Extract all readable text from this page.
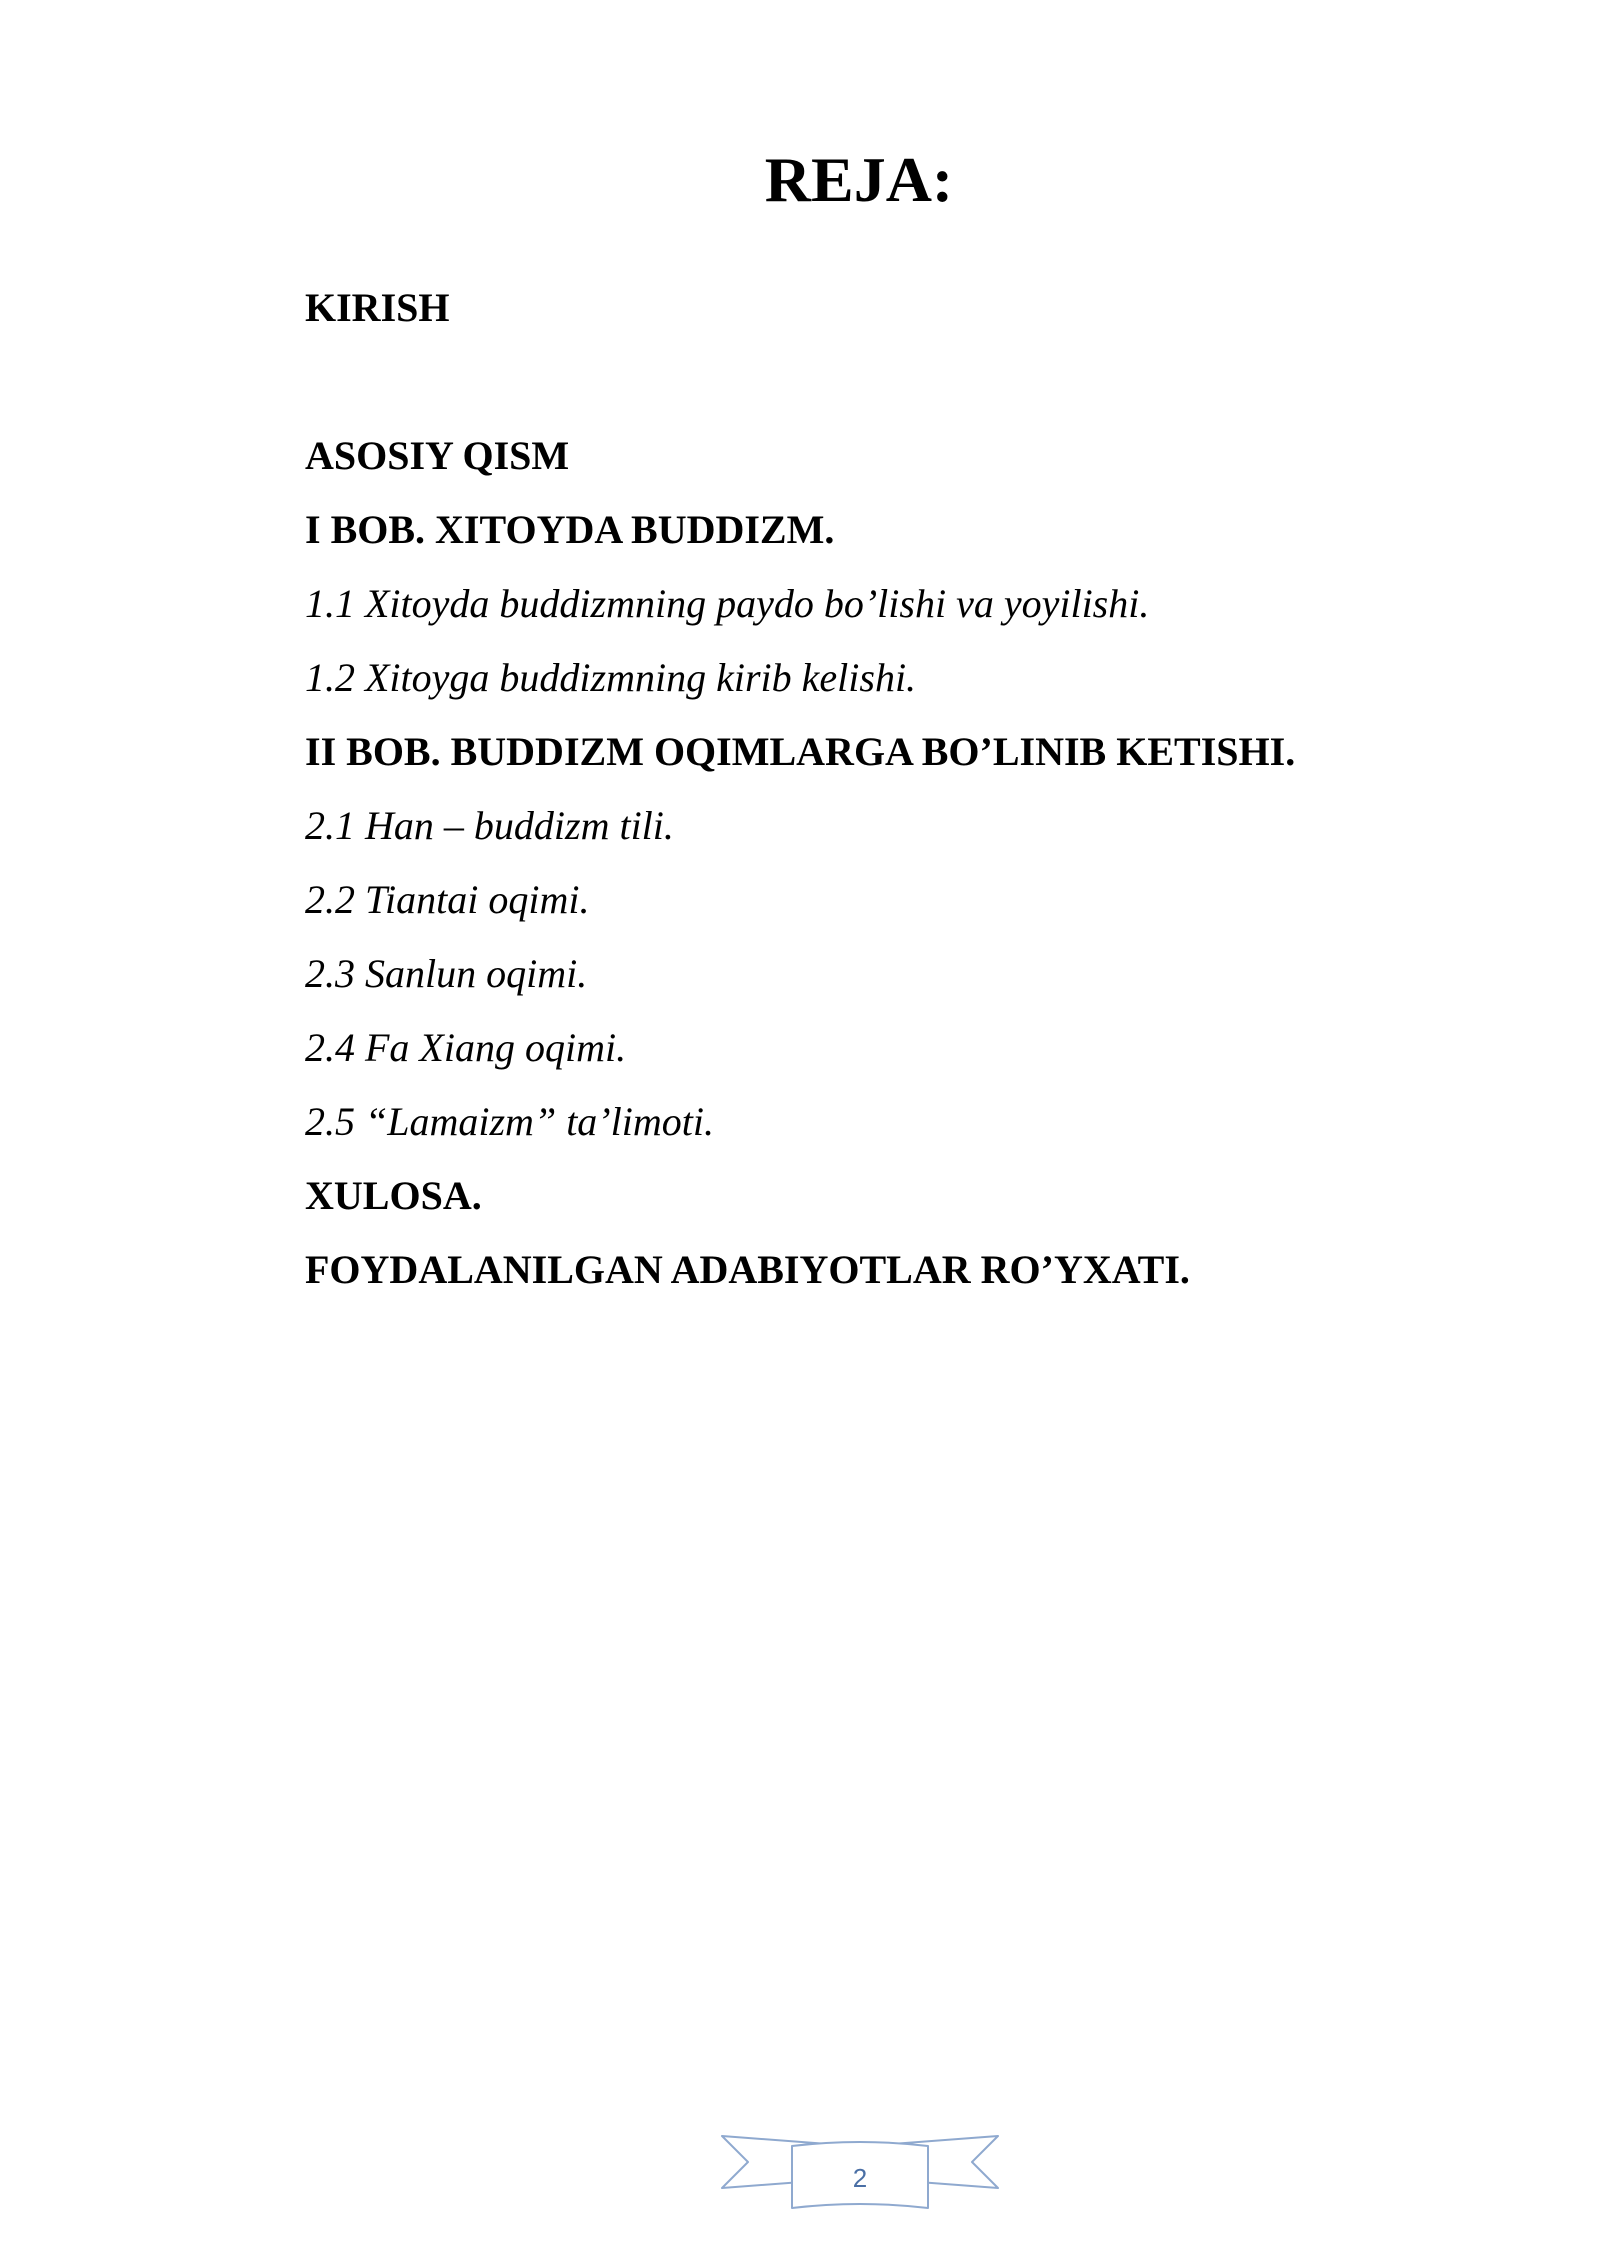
REJA:

KIRISH

ASOSIY QISM

I BOB. XITOYDA BUDDIZM.

1.1 Xitoyda buddizmning paydo bo’lishi va yoyilishi.

1.2 Xitoyga buddizmning kirib kelishi.

II BOB. BUDDIZM OQIMLARGA BO’LINIB KETISHI.

2.1 Han – buddizm tili.

2.2 Tiantai oqimi.

2.3 Sanlun oqimi.

2.4 Fa Xiang oqimi.

2.5 “Lamaizm” ta’limoti.

XULOSA.

FOYDALANILGAN ADABIYOTLAR RO’YXATI.

2
